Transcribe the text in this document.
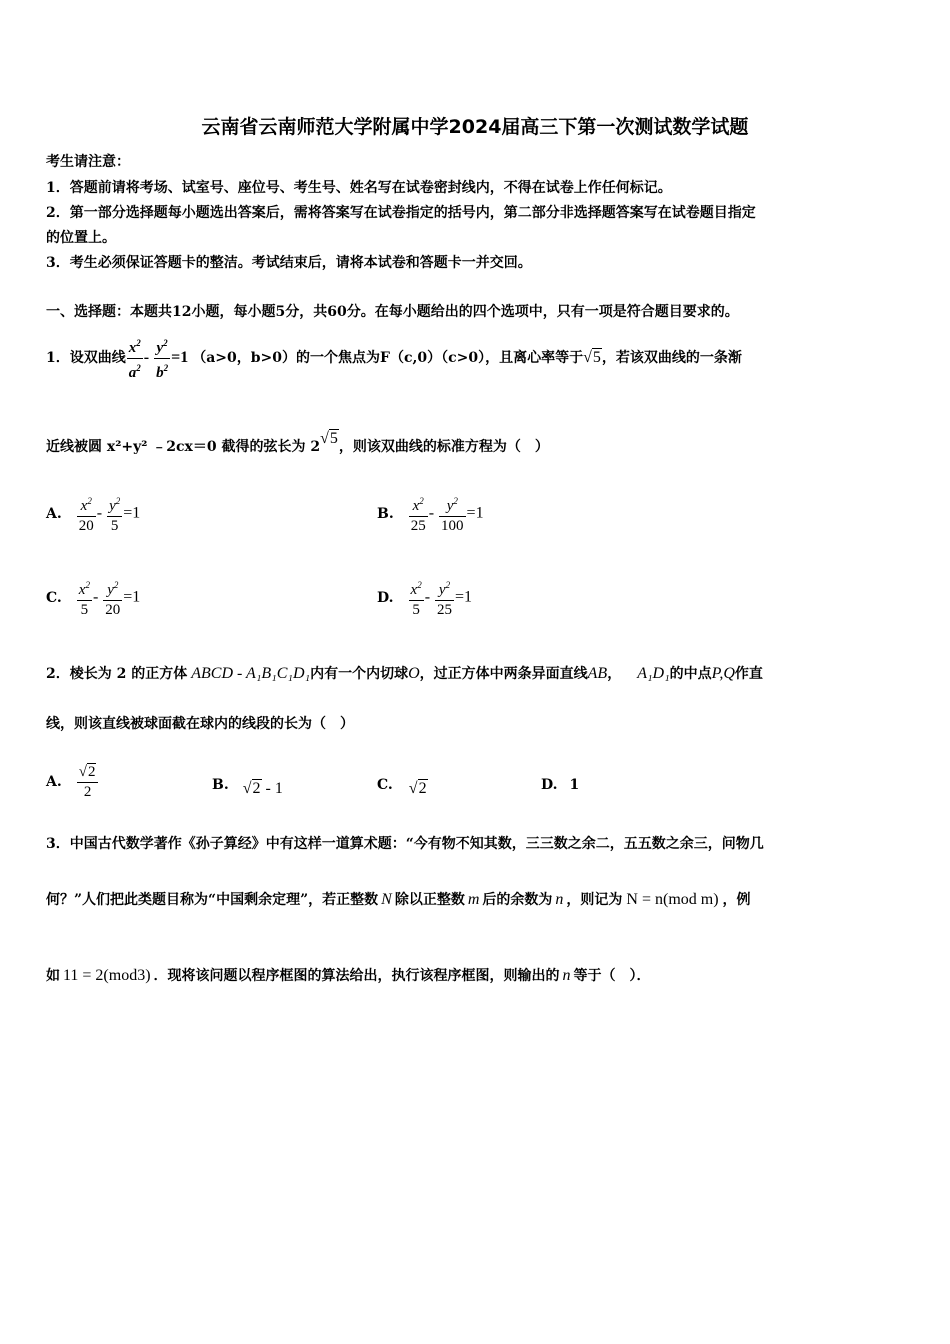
云南省云南师范大学附属中学2024届高三下第一次测试数学试题
考生请注意：
1．答题前请将考场、试室号、座位号、考生号、姓名写在试卷密封线内，不得在试卷上作任何标记。
2．第一部分选择题每小题选出答案后，需将答案写在试卷指定的括号内，第二部分非选择题答案写在试卷题目指定
的位置上。
3．考生必须保证答题卡的整洁。考试结束后，请将本试卷和答题卡一并交回。
一、选择题：本题共12小题，每小题5分，共60分。在每小题给出的四个选项中，只有一项是符合题目要求的。
1．设双曲线 $\frac{x^2}{a^2} - \frac{y^2}{b^2} =1$ （a>0，b>0）的一个焦点为F（c,0）（c>0），且离心率等于 √5 ，若该双曲线的一条渐
近线被圆 x²+y² ﹣2cx＝0 截得的弦长为 2 √5 ，则该双曲线的标准方程为（　）
A. $\frac{x^2}{20} - \frac{y^2}{5} =1$	B. $\frac{x^2}{25} - \frac{y^2}{100} =1$
C. $\frac{x^2}{5} - \frac{y^2}{20} =1$	D. $\frac{x^2}{5} - \frac{y^2}{25} =1$
2．棱长为 2 的正方体 ABCD - A₁B₁C₁D₁ 内有一个内切球 O ，过正方体中两条异面直线 AB ， A₁D₁ 的中点 P,Q 作直
线，则该直线被球面截在球内的线段的长为（　）
A. $\frac{√2}{2}$	B. √2 - 1	C. √2	D. 1
3．中国古代数学著作《孙子算经》中有这样一道算术题：“今有物不知其数，三三数之余二，五五数之余三，问物几
何？”人们把此类题目称为“中国剩余定理”，若正整数 N 除以正整数 m 后的余数为 n ，则记为 N = n(mod m) ，例
如 11 = 2(mod3) ．现将该问题以程序框图的算法给出，执行该程序框图，则输出的 n 等于（　）．
